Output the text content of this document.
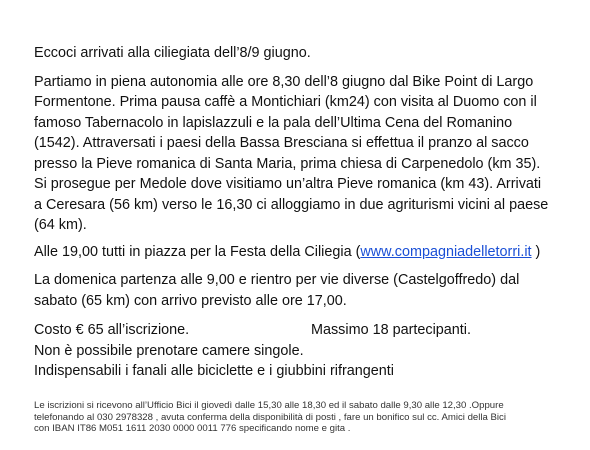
Eccoci arrivati alla ciliegiata dell’8/9 giugno.

Partiamo in piena autonomia alle ore 8,30 dell’8 giugno dal Bike Point di Largo
Formentone. Prima pausa caffè a Montichiari (km24) con visita al Duomo con il
famoso Tabernacolo in lapislazzuli e la pala dell’Ultima Cena del Romanino
(1542). Attraversati i paesi della Bassa Bresciana si effettua il pranzo al sacco
presso la Pieve romanica di Santa Maria, prima chiesa di Carpenedolo (km 35).
Si prosegue per Medole dove visitiamo un’altra Pieve romanica (km 43). Arrivati
a Ceresara (56 km) verso le 16,30 ci alloggiamo in due agriturismi vicini al paese
(64 km).

Alle 19,00 tutti in piazza per la Festa della Ciliegia (www.compagniadelletorri.it )

La domenica partenza alle 9,00 e rientro per vie diverse (Castelgoffredo) dal
sabato (65 km) con arrivo previsto alle ore 17,00.

Costo € 65 all’iscrizione.	Massimo 18 partecipanti.
Non è possibile prenotare camere singole.
Indispensabili i fanali alle biciclette e i giubbini rifrangenti

Le iscrizioni si ricevono all’Ufficio Bici il giovedì dalle 15,30 alle 18,30 ed il sabato dalle 9,30 alle 12,30 .Oppure
telefonando al 030 2978328 , avuta conferma della disponibilità di posti , fare un bonifico sul cc. Amici della Bici
con IBAN IT86 M051 1611 2030 0000 0011 776 specificando nome e gita .
